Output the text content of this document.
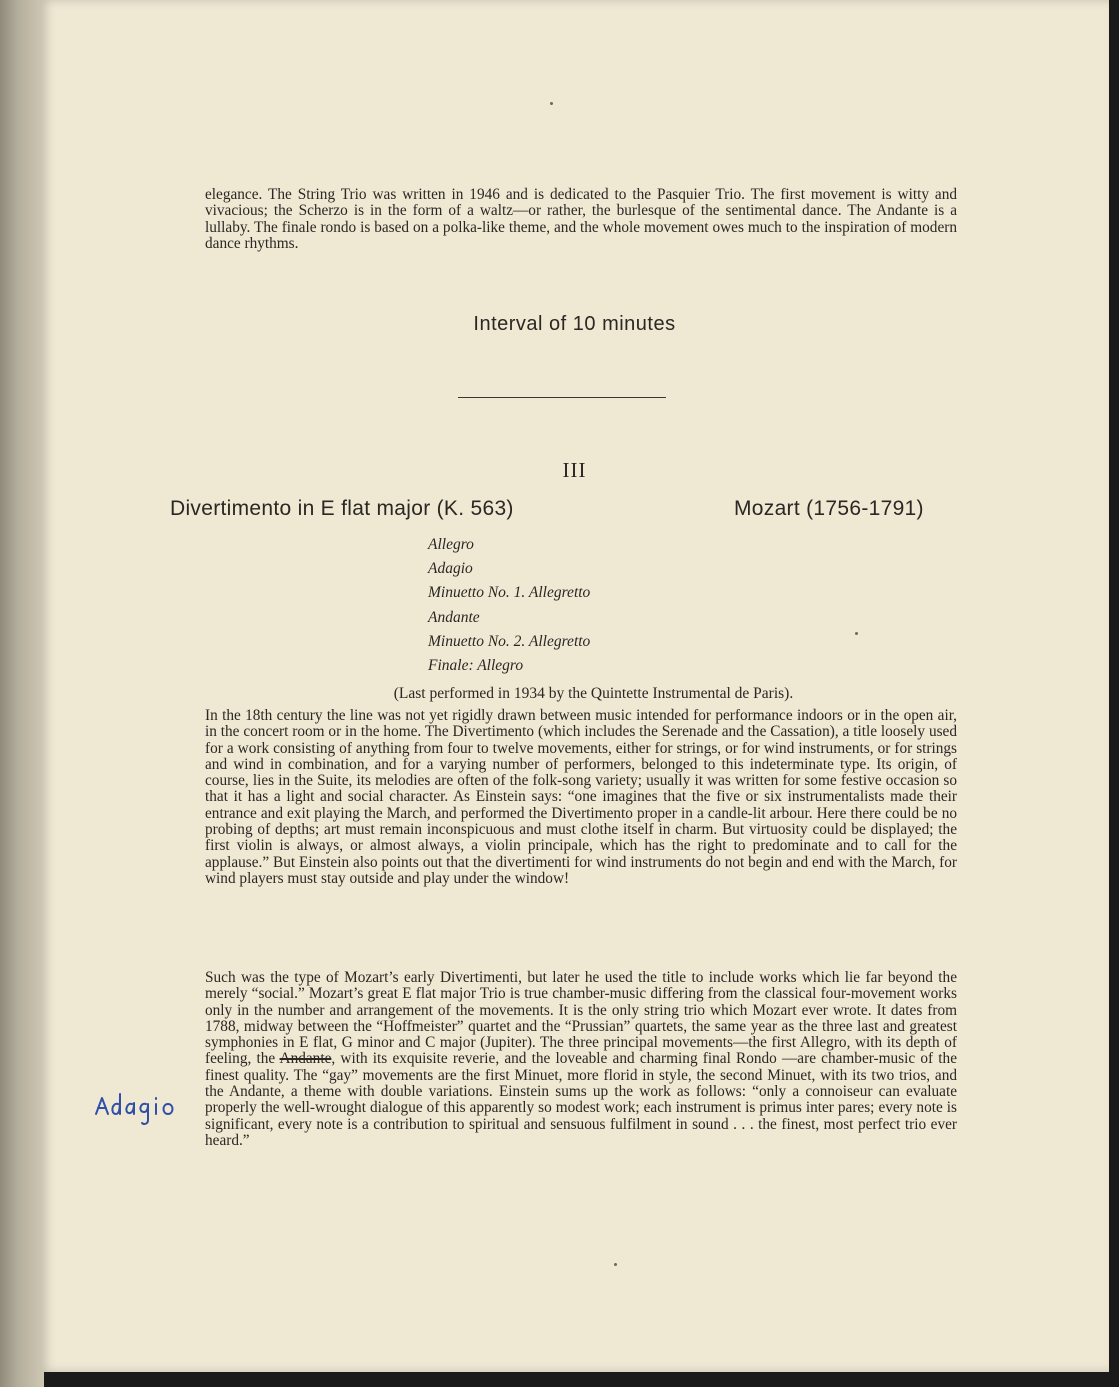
elegance. The String Trio was written in 1946 and is dedicated to the Pasquier Trio. The first movement is witty and vivacious; the Scherzo is in the form of a waltz—or rather, the burlesque of the sentimental dance. The Andante is a lullaby. The finale rondo is based on a polka-like theme, and the whole movement owes much to the inspiration of modern dance rhythms.

Interval of 10 minutes
III
Divertimento in E flat major (K. 563)	Mozart (1756-1791)
Allegro
Adagio
Minuetto No. 1. Allegretto
Andante
Minuetto No. 2. Allegretto
Finale: Allegro
(Last performed in 1934 by the Quintette Instrumental de Paris).

In the 18th century the line was not yet rigidly drawn between music intended for performance indoors or in the open air, in the concert room or in the home. The Divertimento (which includes the Serenade and the Cassation), a title loosely used for a work consisting of anything from four to twelve movements, either for strings, or for wind instruments, or for strings and wind in combination, and for a varying number of performers, belonged to this indeterminate type. Its origin, of course, lies in the Suite, its melodies are often of the folk-song variety; usually it was written for some festive occasion so that it has a light and social character. As Einstein says: “one imagines that the five or six instrumentalists made their entrance and exit playing the March, and performed the Divertimento proper in a candle-lit arbour. Here there could be no probing of depths; art must remain inconspicuous and must clothe itself in charm. But virtuosity could be displayed; the first violin is always, or almost always, a violin principale, which has the right to predominate and to call for the applause.” But Einstein also points out that the divertimenti for wind instruments do not begin and end with the March, for wind players must stay outside and play under the window!

Such was the type of Mozart’s early Divertimenti, but later he used the title to include works which lie far beyond the merely “social.” Mozart’s great E flat major Trio is true chamber-music differing from the classical four-movement works only in the number and arrangement of the movements. It is the only string trio which Mozart ever wrote. It dates from 1788, midway between the “Hoffmeister” quartet and the “Prussian” quartets, the same year as the three last and greatest symphonies in E flat, G minor and C major (Jupiter). The three principal movements—the first Allegro, with its depth of feeling, the Andante, with its exquisite reverie, and the loveable and charming final Rondo —are chamber-music of the finest quality. The “gay” movements are the first Minuet, more florid in style, the second Minuet, with its two trios, and the Andante, a theme with double variations. Einstein sums up the work as follows: “only a connoiseur can evaluate properly the well-wrought dialogue of this apparently so modest work; each instrument is primus inter pares; every note is significant, every note is a contribution to spiritual and sensuous fulfilment in sound . . . the finest, most perfect trio ever heard.”
